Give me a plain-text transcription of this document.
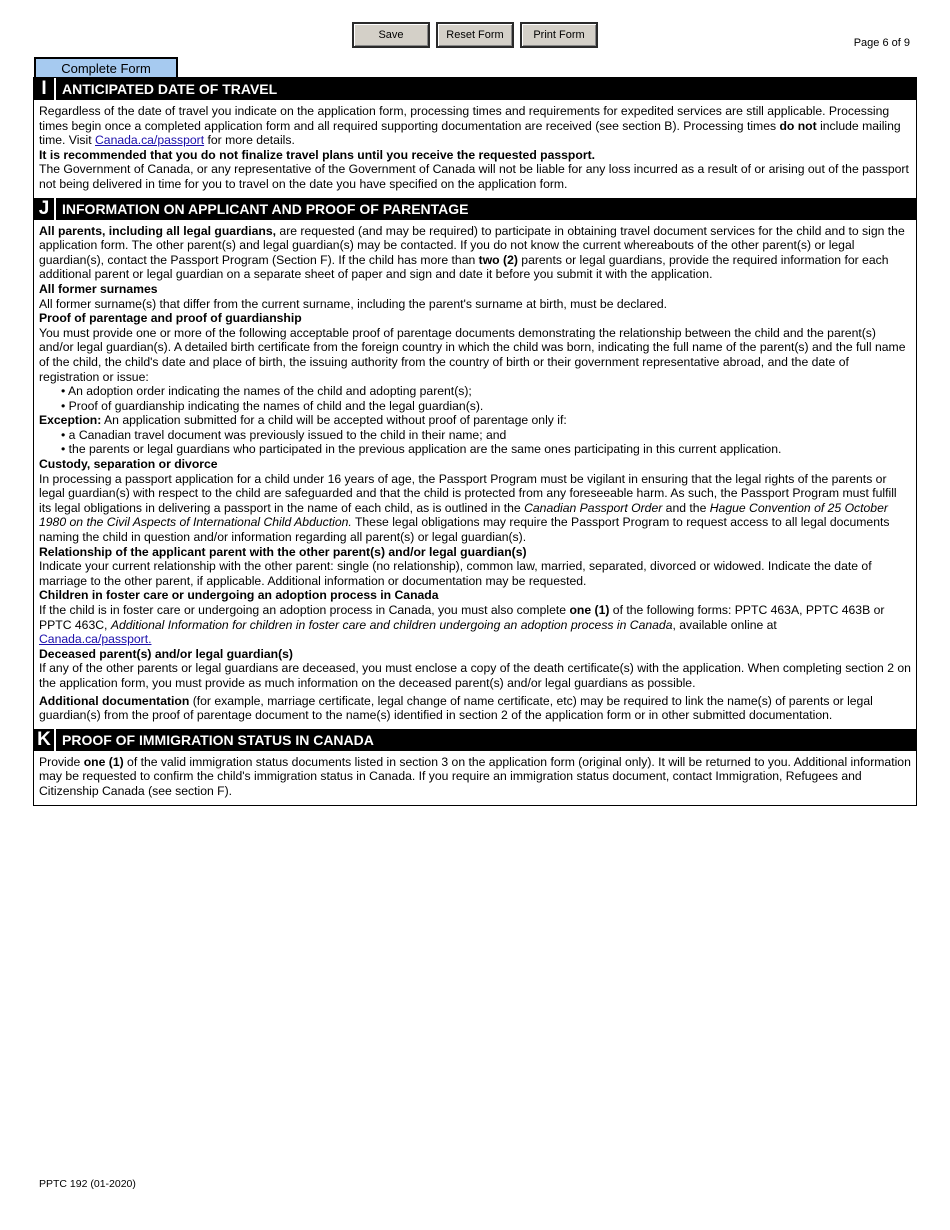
Save	Reset Form	Print Form
Page 6 of 9
Complete Form
I	ANTICIPATED DATE OF TRAVEL

Regardless of the date of travel you indicate on the application form, processing times and requirements for expedited services are still applicable. Processing times begin once a completed application form and all required supporting documentation are received (see section B). Processing times do not include mailing time. Visit Canada.ca/passport for more details.

It is recommended that you do not finalize travel plans until you receive the requested passport.

The Government of Canada, or any representative of the Government of Canada will not be liable for any loss incurred as a result of or arising out of the passport not being delivered in time for you to travel on the date you have specified on the application form.

J INFORMATION ON APPLICANT AND PROOF OF PARENTAGE

All parents, including all legal guardians, are requested (and may be required) to participate in obtaining travel document services for the child and to sign the application form. The other parent(s) and legal guardian(s) may be contacted. If you do not know the current whereabouts of the other parent(s) or legal guardian(s), contact the Passport Program (Section F). If the child has more than two (2) parents or legal guardians, provide the required information for each additional parent or legal guardian on a separate sheet of paper and sign and date it before you submit it with the application.

All former surnames

All former surname(s) that differ from the current surname, including the parent's surname at birth, must be declared.

Proof of parentage and proof of guardianship

You must provide one or more of the following acceptable proof of parentage documents demonstrating the relationship between the child and the parent(s) and/or legal guardian(s). A detailed birth certificate from the foreign country in which the child was born, indicating the full name of the parent(s) and the full name of the child, the child's date and place of birth, the issuing authority from the country of birth or their government representative abroad, and the date of registration or issue:

• An adoption order indicating the names of the child and adopting parent(s);

• Proof of guardianship indicating the names of child and the legal guardian(s).

Exception: An application submitted for a child will be accepted without proof of parentage only if:

• a Canadian travel document was previously issued to the child in their name; and

• the parents or legal guardians who participated in the previous application are the same ones participating in this current application.

Custody, separation or divorce

In processing a passport application for a child under 16 years of age, the Passport Program must be vigilant in ensuring that the legal rights of the parents or legal guardian(s) with respect to the child are safeguarded and that the child is protected from any foreseeable harm. As such, the Passport Program must fulfill its legal obligations in delivering a passport in the name of each child, as is outlined in the Canadian Passport Order and the Hague Convention of 25 October 1980 on the Civil Aspects of International Child Abduction. These legal obligations may require the Passport Program to request access to all legal documents naming the child in question and/or information regarding all parent(s) or legal guardian(s).

Relationship of the applicant parent with the other parent(s) and/or legal guardian(s)

Indicate your current relationship with the other parent: single (no relationship), common law, married, separated, divorced or widowed. Indicate the date of marriage to the other parent, if applicable. Additional information or documentation may be requested.

Children in foster care or undergoing an adoption process in Canada

If the child is in foster care or undergoing an adoption process in Canada, you must also complete one (1) of the following forms: PPTC 463A, PPTC 463B or PPTC 463C, Additional Information for children in foster care and children undergoing an adoption process in Canada, available online at
Canada.ca/passport.

Deceased parent(s) and/or legal guardian(s)

If any of the other parents or legal guardians are deceased, you must enclose a copy of the death certificate(s) with the application. When completing section 2 on the application form, you must provide as much information on the deceased parent(s) and/or legal guardians as possible.

Additional documentation (for example, marriage certificate, legal change of name certificate, etc) may be required to link the name(s) of parents or legal guardian(s) from the proof of parentage document to the name(s) identified in section 2 of the application form or in other submitted documentation.

K PROOF OF IMMIGRATION STATUS IN CANADA

Provide one (1) of the valid immigration status documents listed in section 3 on the application form (original only). It will be returned to you. Additional information may be requested to confirm the child's immigration status in Canada. If you require an immigration status document, contact Immigration, Refugees and Citizenship Canada (see section F).

PPTC 192 (01-2020)
